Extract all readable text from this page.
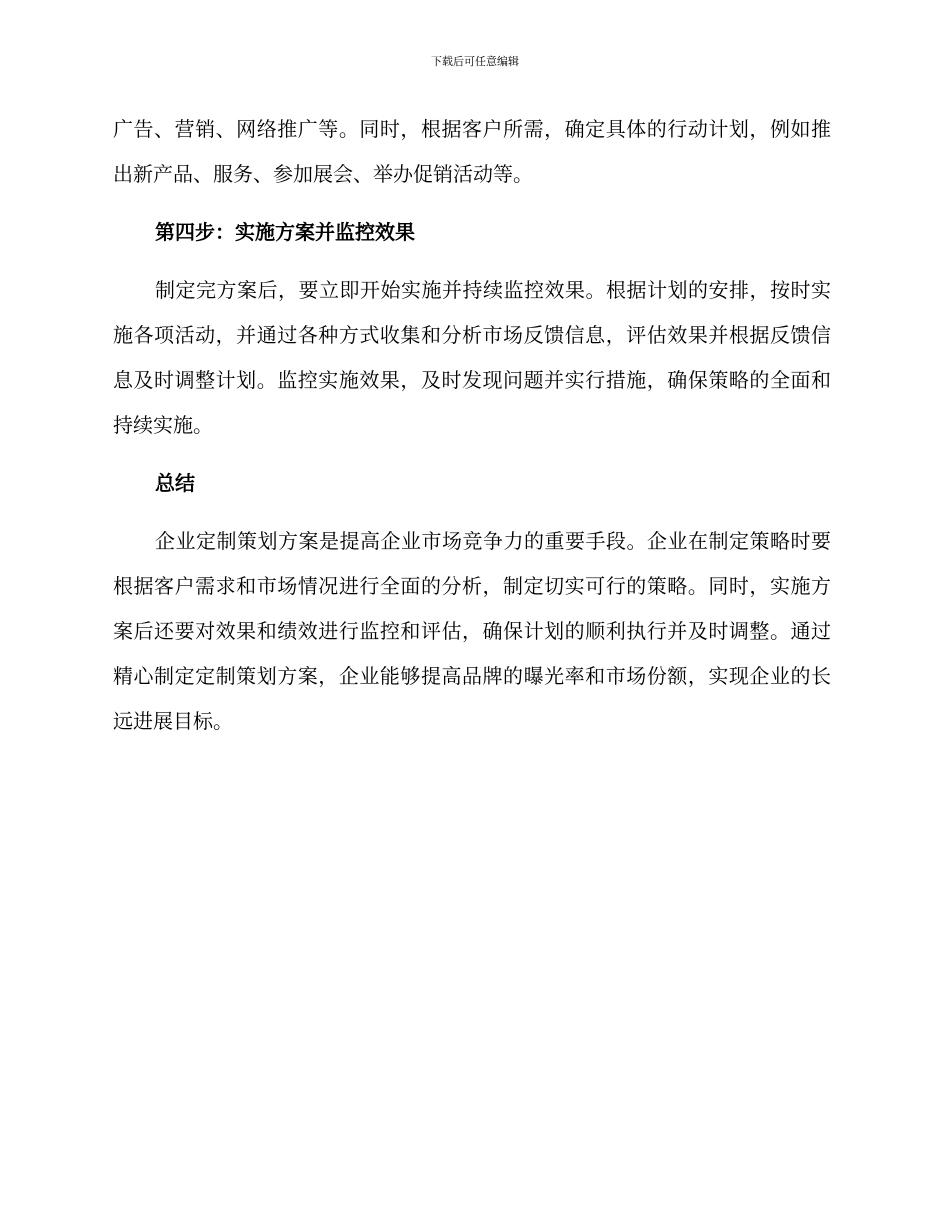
下载后可任意编辑

广告、营销、网络推广等。同时，根据客户所需，确定具体的行动计划，例如推出新产品、服务、参加展会、举办促销活动等。

第四步：实施方案并监控效果

制定完方案后，要立即开始实施并持续监控效果。根据计划的安排，按时实施各项活动，并通过各种方式收集和分析市场反馈信息，评估效果并根据反馈信息及时调整计划。监控实施效果，及时发现问题并实行措施，确保策略的全面和持续实施。

总结

企业定制策划方案是提高企业市场竞争力的重要手段。企业在制定策略时要根据客户需求和市场情况进行全面的分析，制定切实可行的策略。同时，实施方案后还要对效果和绩效进行监控和评估，确保计划的顺利执行并及时调整。通过精心制定定制策划方案，企业能够提高品牌的曝光率和市场份额，实现企业的长远进展目标。
